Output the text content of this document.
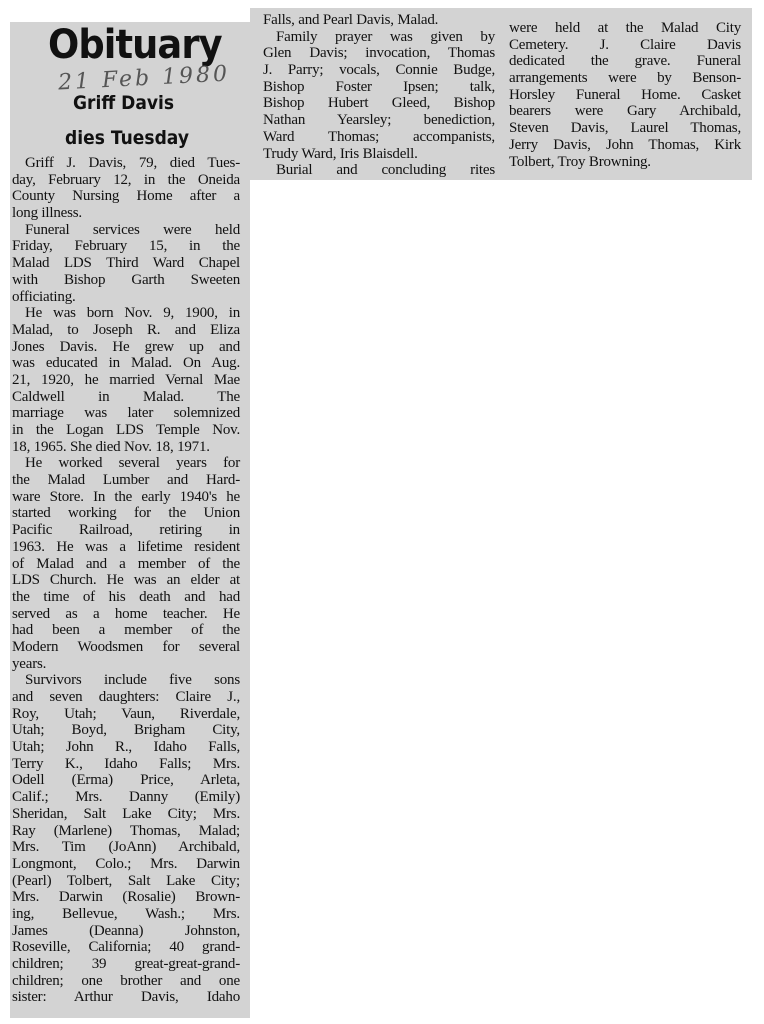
Obituary
21 Feb 1980
Griff Davis
dies Tuesday
Griff J. Davis, 79, died Tues-
day, February 12, in the Oneida
County Nursing Home after a
long illness.
Funeral services were held
Friday, February 15, in the
Malad LDS Third Ward Chapel
with Bishop Garth Sweeten
officiating.
He was born Nov. 9, 1900, in
Malad, to Joseph R. and Eliza
Jones Davis. He grew up and
was educated in Malad. On Aug.
21, 1920, he married Vernal Mae
Caldwell in Malad. The
marriage was later solemnized
in the Logan LDS Temple Nov.
18, 1965. She died Nov. 18, 1971.
He worked several years for
the Malad Lumber and Hard-
ware Store. In the early 1940's he
started working for the Union
Pacific Railroad, retiring in
1963. He was a lifetime resident
of Malad and a member of the
LDS Church. He was an elder at
the time of his death and had
served as a home teacher. He
had been a member of the
Modern Woodsmen for several
years.
Survivors include five sons
and seven daughters: Claire J.,
Roy, Utah; Vaun, Riverdale,
Utah; Boyd, Brigham City,
Utah; John R., Idaho Falls,
Terry K., Idaho Falls; Mrs.
Odell (Erma) Price, Arleta,
Calif.; Mrs. Danny (Emily)
Sheridan, Salt Lake City; Mrs.
Ray (Marlene) Thomas, Malad;
Mrs. Tim (JoAnn) Archibald,
Longmont, Colo.; Mrs. Darwin
(Pearl) Tolbert, Salt Lake City;
Mrs. Darwin (Rosalie) Brown-
ing, Bellevue, Wash.; Mrs.
James (Deanna) Johnston,
Roseville, California; 40 grand-
children; 39 great-great-grand-
children; one brother and one
sister: Arthur Davis, Idaho
Falls, and Pearl Davis, Malad.
Family prayer was given by
Glen Davis; invocation, Thomas
J. Parry; vocals, Connie Budge,
Bishop Foster Ipsen; talk,
Bishop Hubert Gleed, Bishop
Nathan Yearsley; benediction,
Ward Thomas; accompanists,
Trudy Ward, Iris Blaisdell.
Burial and concluding rites
were held at the Malad City
Cemetery. J. Claire Davis
dedicated the grave. Funeral
arrangements were by Benson-
Horsley Funeral Home. Casket
bearers were Gary Archibald,
Steven Davis, Laurel Thomas,
Jerry Davis, John Thomas, Kirk
Tolbert, Troy Browning.
